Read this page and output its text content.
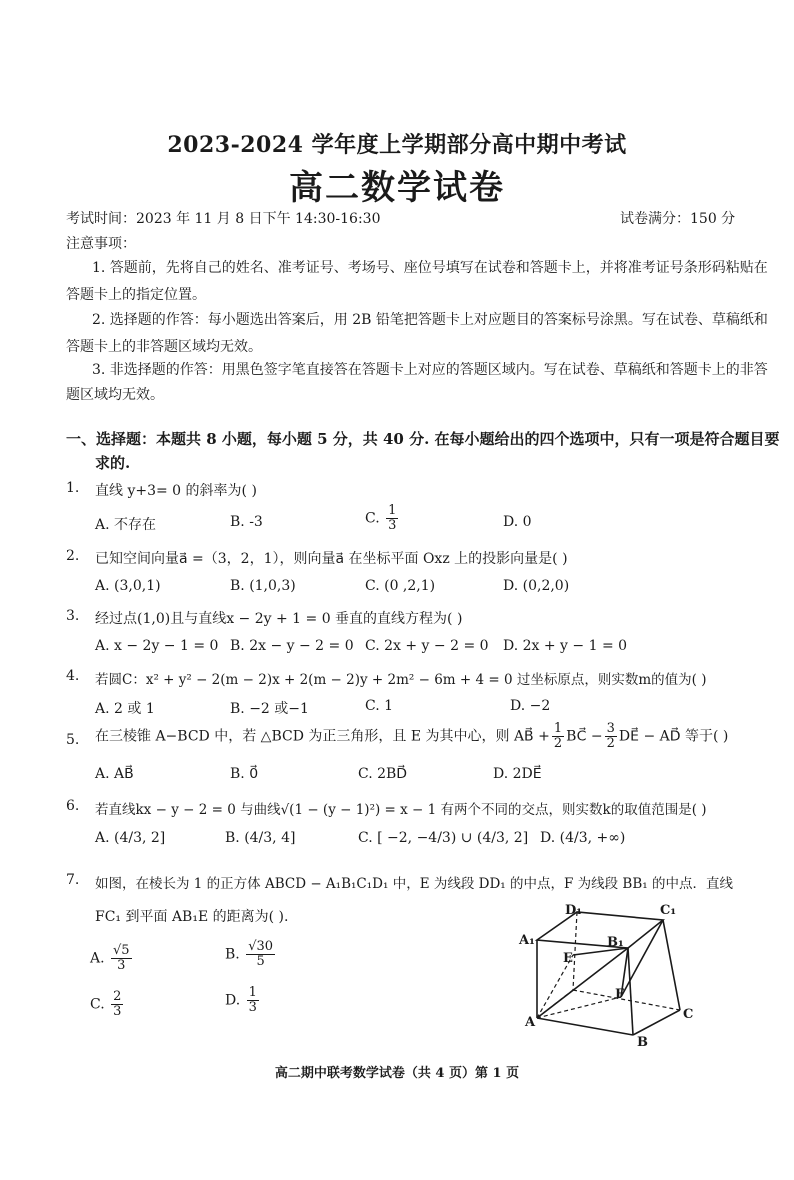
2023-2024 学年度上学期部分高中期中考试
高二数学试卷
考试时间：2023 年 11 月 8 日下午 14:30-16:30	试卷满分：150 分
注意事项：
1. 答题前，先将自己的姓名、准考证号、考场号、座位号填写在试卷和答题卡上，并将准考证号条形码粘贴在
答题卡上的指定位置。
2. 选择题的作答：每小题选出答案后，用 2B 铅笔把答题卡上对应题目的答案标号涂黑。写在试卷、草稿纸和
答题卡上的非答题区域均无效。
3. 非选择题的作答：用黑色签字笔直接答在答题卡上对应的答题区域内。写在试卷、草稿纸和答题卡上的非答
题区域均无效。
一、选择题：本题共 8 小题，每小题 5 分，共 40 分. 在每小题给出的四个选项中，只有一项是符合题目要
求的.
1. 直线 y+3= 0 的斜率为( )
A. 不存在	B. -3	C. $\frac{1}{3}$	D. 0
2. 已知空间向量a⃗ =（3，2，1），则向量a⃗ 在坐标平面 Oxz 上的投影向量是( )
A. (3,0,1)	B. (1,0,3)	C. (0 ,2,1)	D. (0,2,0)
3. 经过点(1,0)且与直线x − 2y + 1 = 0 垂直的直线方程为( )
A. x − 2y − 1 = 0 B. 2x − y − 2 = 0 C. 2x + y − 2 = 0 D. 2x + y − 1 = 0
4. 若圆C：x² + y² − 2(m − 2)x + 2(m − 2)y + 2m² − 6m + 4 = 0 过坐标原点，则实数m的值为( )
A. 2 或 1	B. −2 或−1	C. 1	D. −2
5. 在三棱锥 A−BCD 中，若 △BCD 为正三角形，且 E 为其中心，则 AB⃗ + $\frac{1}{2}$ BC⃗ − $\frac{3}{2}$ DE⃗ − AD⃗ 等于( )
A. AB⃗	B. 0⃗	C. 2BD⃗	D. 2DE⃗
6. 若直线kx − y − 2 = 0 与曲线√(1 − (y − 1)²) = x − 1 有两个不同的交点，则实数k的取值范围是( )
A. (4/3, 2]	B. (4/3, 4]	C. [ −2, −4/3) ∪ (4/3, 2] D. (4/3, +∞)
7. 如图，在棱长为 1 的正方体 ABCD − A₁B₁C₁D₁ 中，E 为线段 DD₁ 的中点，F 为线段 BB₁ 的中点．直线
FC₁ 到平面 AB₁E 的距离为( ).
A. $\frac{√5}{3}$	B. $\frac{√30}{5}$
C. $\frac{2}{3}$	D. $\frac{1}{3}$
D₁	C₁
A₁	B₁
E
F
A
B
C
高二期中联考数学试卷（共 4 页）第 1 页
